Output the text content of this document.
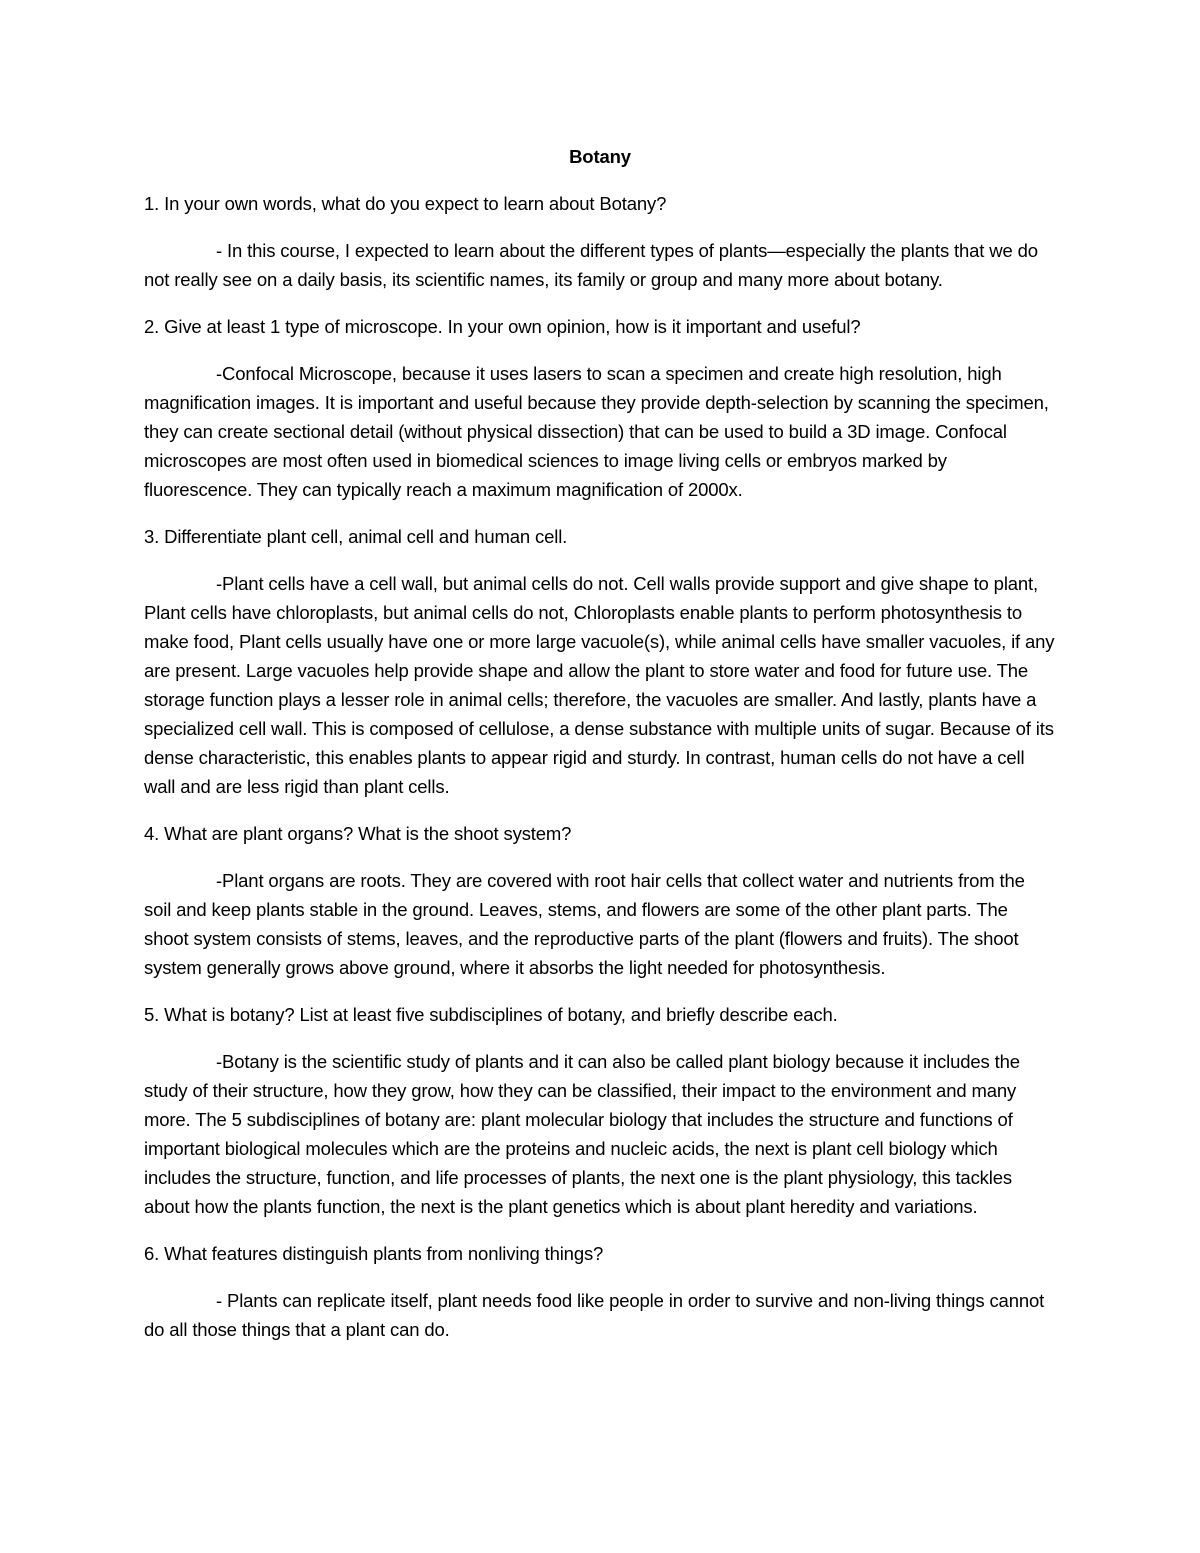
Botany
1. In your own words, what do you expect to learn about Botany?
- In this course, I expected to learn about the different types of plants—especially the plants that we do not really see on a daily basis, its scientific names, its family or group and many more about botany.
2. Give at least 1 type of microscope. In your own opinion, how is it important and useful?
-Confocal Microscope, because it uses lasers to scan a specimen and create high resolution, high magnification images. It is important and useful because they provide depth-selection by scanning the specimen, they can create sectional detail (without physical dissection) that can be used to build a 3D image. Confocal microscopes are most often used in biomedical sciences to image living cells or embryos marked by fluorescence. They can typically reach a maximum magnification of 2000x.
3. Differentiate plant cell, animal cell and human cell.
-Plant cells have a cell wall, but animal cells do not. Cell walls provide support and give shape to plant, Plant cells have chloroplasts, but animal cells do not, Chloroplasts enable plants to perform photosynthesis to make food, Plant cells usually have one or more large vacuole(s), while animal cells have smaller vacuoles, if any are present. Large vacuoles help provide shape and allow the plant to store water and food for future use. The storage function plays a lesser role in animal cells; therefore, the vacuoles are smaller. And lastly, plants have a specialized cell wall. This is composed of cellulose, a dense substance with multiple units of sugar. Because of its dense characteristic, this enables plants to appear rigid and sturdy. In contrast, human cells do not have a cell wall and are less rigid than plant cells.
4. What are plant organs? What is the shoot system?
-Plant organs are roots. They are covered with root hair cells that collect water and nutrients from the soil and keep plants stable in the ground. Leaves, stems, and flowers are some of the other plant parts. The shoot system consists of stems, leaves, and the reproductive parts of the plant (flowers and fruits). The shoot system generally grows above ground, where it absorbs the light needed for photosynthesis.
5. What is botany? List at least five subdisciplines of botany, and briefly describe each.
-Botany is the scientific study of plants and it can also be called plant biology because it includes the study of their structure, how they grow, how they can be classified, their impact to the environment and many more. The 5 subdisciplines of botany are: plant molecular biology that includes the structure and functions of important biological molecules which are the proteins and nucleic acids, the next is plant cell biology which includes the structure, function, and life processes of plants, the next one is the plant physiology, this tackles about how the plants function, the next is the plant genetics which is about plant heredity and variations.
6. What features distinguish plants from nonliving things?
- Plants can replicate itself, plant needs food like people in order to survive and non-living things cannot do all those things that a plant can do.
